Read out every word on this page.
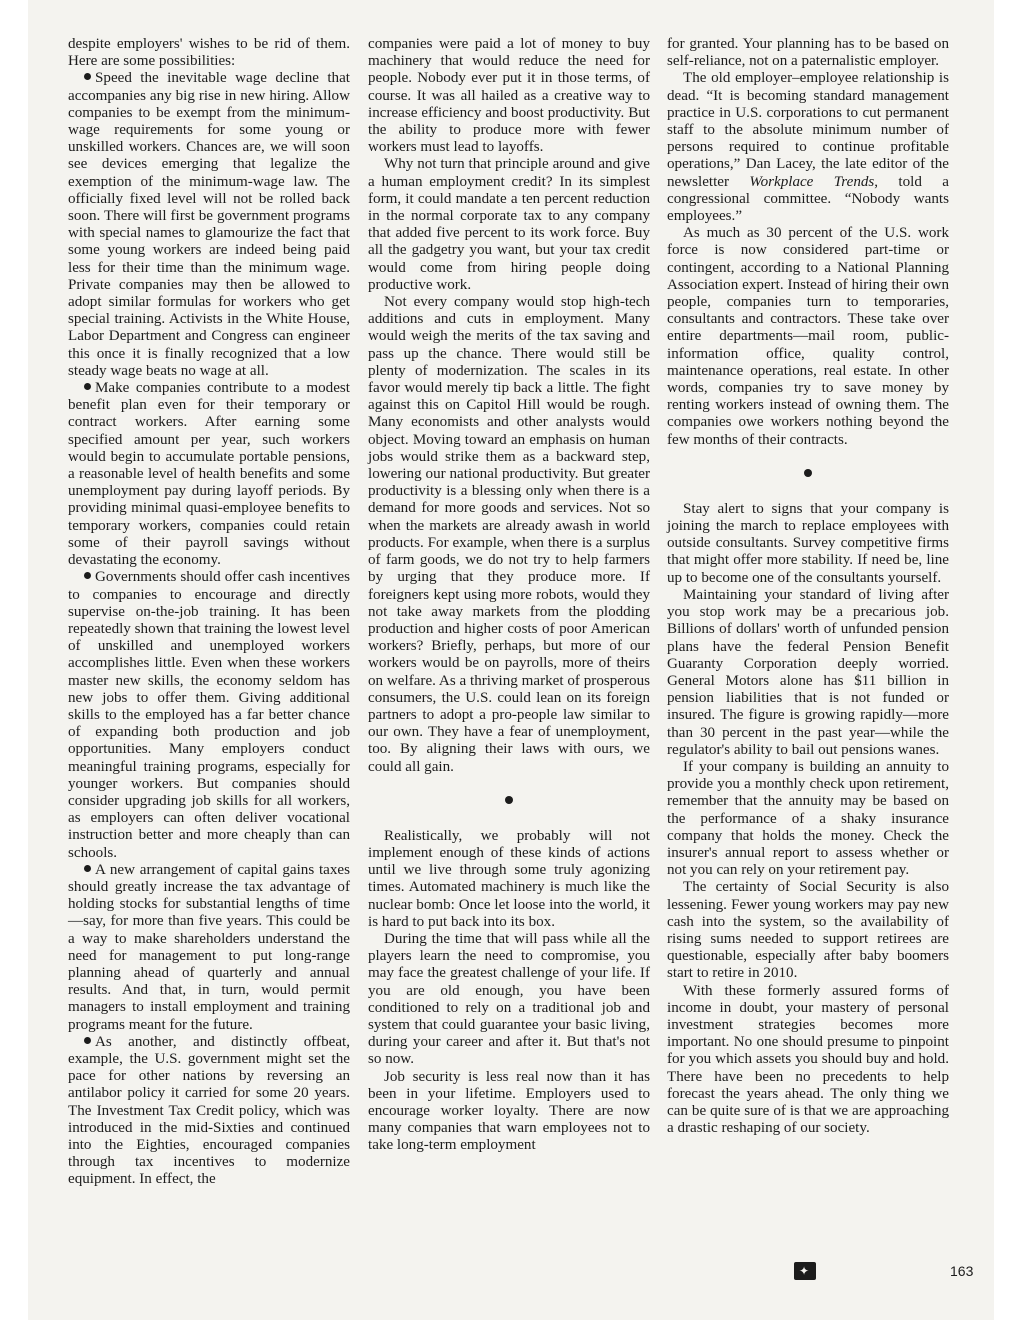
despite employers' wishes to be rid of them. Here are some possibilities:

Speed the inevitable wage decline that accompanies any big rise in new hiring. Allow companies to be exempt from the minimum-wage requirements for some young or unskilled workers. Chances are, we will soon see devices emerging that legalize the exemption of the minimum-wage law. The officially fixed level will not be rolled back soon. There will first be government programs with special names to glamourize the fact that some young workers are indeed being paid less for their time than the minimum wage. Private companies may then be allowed to adopt similar formulas for workers who get special training. Activists in the White House, Labor Department and Congress can engineer this once it is finally recognized that a low steady wage beats no wage at all.

Make companies contribute to a modest benefit plan even for their temporary or contract workers. After earning some specified amount per year, such workers would begin to accumulate portable pensions, a reasonable level of health benefits and some unemployment pay during layoff periods. By providing minimal quasi-employee benefits to temporary workers, companies could retain some of their payroll savings without devastating the economy.

Governments should offer cash incentives to companies to encourage and directly supervise on-the-job training. It has been repeatedly shown that training the lowest level of unskilled and unemployed workers accomplishes little. Even when these workers master new skills, the economy seldom has new jobs to offer them. Giving additional skills to the employed has a far better chance of expanding both production and job opportunities. Many employers conduct meaningful training programs, especially for younger workers. But companies should consider upgrading job skills for all workers, as employers can often deliver vocational instruction better and more cheaply than can schools.

A new arrangement of capital gains taxes should greatly increase the tax advantage of holding stocks for substantial lengths of time—say, for more than five years. This could be a way to make shareholders understand the need for management to put long-range planning ahead of quarterly and annual results. And that, in turn, would permit managers to install employment and training programs meant for the future.

As another, and distinctly offbeat, example, the U.S. government might set the pace for other nations by reversing an antilabor policy it carried for some 20 years. The Investment Tax Credit policy, which was introduced in the mid-Sixties and continued into the Eighties, encouraged companies through tax incentives to modernize equipment. In effect, the

companies were paid a lot of money to buy machinery that would reduce the need for people. Nobody ever put it in those terms, of course. It was all hailed as a creative way to increase efficiency and boost productivity. But the ability to produce more with fewer workers must lead to layoffs.

Why not turn that principle around and give a human employment credit? In its simplest form, it could mandate a ten percent reduction in the normal corporate tax to any company that added five percent to its work force. Buy all the gadgetry you want, but your tax credit would come from hiring people doing productive work.

Not every company would stop high-tech additions and cuts in employment. Many would weigh the merits of the tax saving and pass up the chance. There would still be plenty of modernization. The scales in its favor would merely tip back a little. The fight against this on Capitol Hill would be rough. Many economists and other analysts would object. Moving toward an emphasis on human jobs would strike them as a backward step, lowering our national productivity. But greater productivity is a blessing only when there is a demand for more goods and services. Not so when the markets are already awash in world products. For example, when there is a surplus of farm goods, we do not try to help farmers by urging that they produce more. If foreigners kept using more robots, would they not take away markets from the plodding production and higher costs of poor American workers? Briefly, perhaps, but more of our workers would be on payrolls, more of theirs on welfare. As a thriving market of prosperous consumers, the U.S. could lean on its foreign partners to adopt a pro-people law similar to our own. They have a fear of unemployment, too. By aligning their laws with ours, we could all gain.

Realistically, we probably will not implement enough of these kinds of actions until we live through some truly agonizing times. Automated machinery is much like the nuclear bomb: Once let loose into the world, it is hard to put back into its box.

During the time that will pass while all the players learn the need to compromise, you may face the greatest challenge of your life. If you are old enough, you have been conditioned to rely on a traditional job and system that could guarantee your basic living, during your career and after it. But that's not so now.

Job security is less real now than it has been in your lifetime. Employers used to encourage worker loyalty. There are now many companies that warn employees not to take long-term employment

for granted. Your planning has to be based on self-reliance, not on a paternalistic employer.

The old employer–employee relationship is dead. “It is becoming standard management practice in U.S. corporations to cut permanent staff to the absolute minimum number of persons required to continue profitable operations,” Dan Lacey, the late editor of the newsletter Workplace Trends, told a congressional committee. “Nobody wants employees.”

As much as 30 percent of the U.S. work force is now considered part-time or contingent, according to a National Planning Association expert. Instead of hiring their own people, companies turn to temporaries, consultants and contractors. These take over entire departments—mail room, public-information office, quality control, maintenance operations, real estate. In other words, companies try to save money by renting workers instead of owning them. The companies owe workers nothing beyond the few months of their contracts.

Stay alert to signs that your company is joining the march to replace employees with outside consultants. Survey competitive firms that might offer more stability. If need be, line up to become one of the consultants yourself.

Maintaining your standard of living after you stop work may be a precarious job. Billions of dollars' worth of unfunded pension plans have the federal Pension Benefit Guaranty Corporation deeply worried. General Motors alone has $11 billion in pension liabilities that is not funded or insured. The figure is growing rapidly—more than 30 percent in the past year—while the regulator's ability to bail out pensions wanes.

If your company is building an annuity to provide you a monthly check upon retirement, remember that the annuity may be based on the performance of a shaky insurance company that holds the money. Check the insurer's annual report to assess whether or not you can rely on your retirement pay.

The certainty of Social Security is also lessening. Fewer young workers may pay new cash into the system, so the availability of rising sums needed to support retirees are questionable, especially after baby boomers start to retire in 2010.

With these formerly assured forms of income in doubt, your mastery of personal investment strategies becomes more important. No one should presume to pinpoint for you which assets you should buy and hold. There have been no precedents to help forecast the years ahead. The only thing we can be quite sure of is that we are approaching a drastic reshaping of our society.

✦	163
